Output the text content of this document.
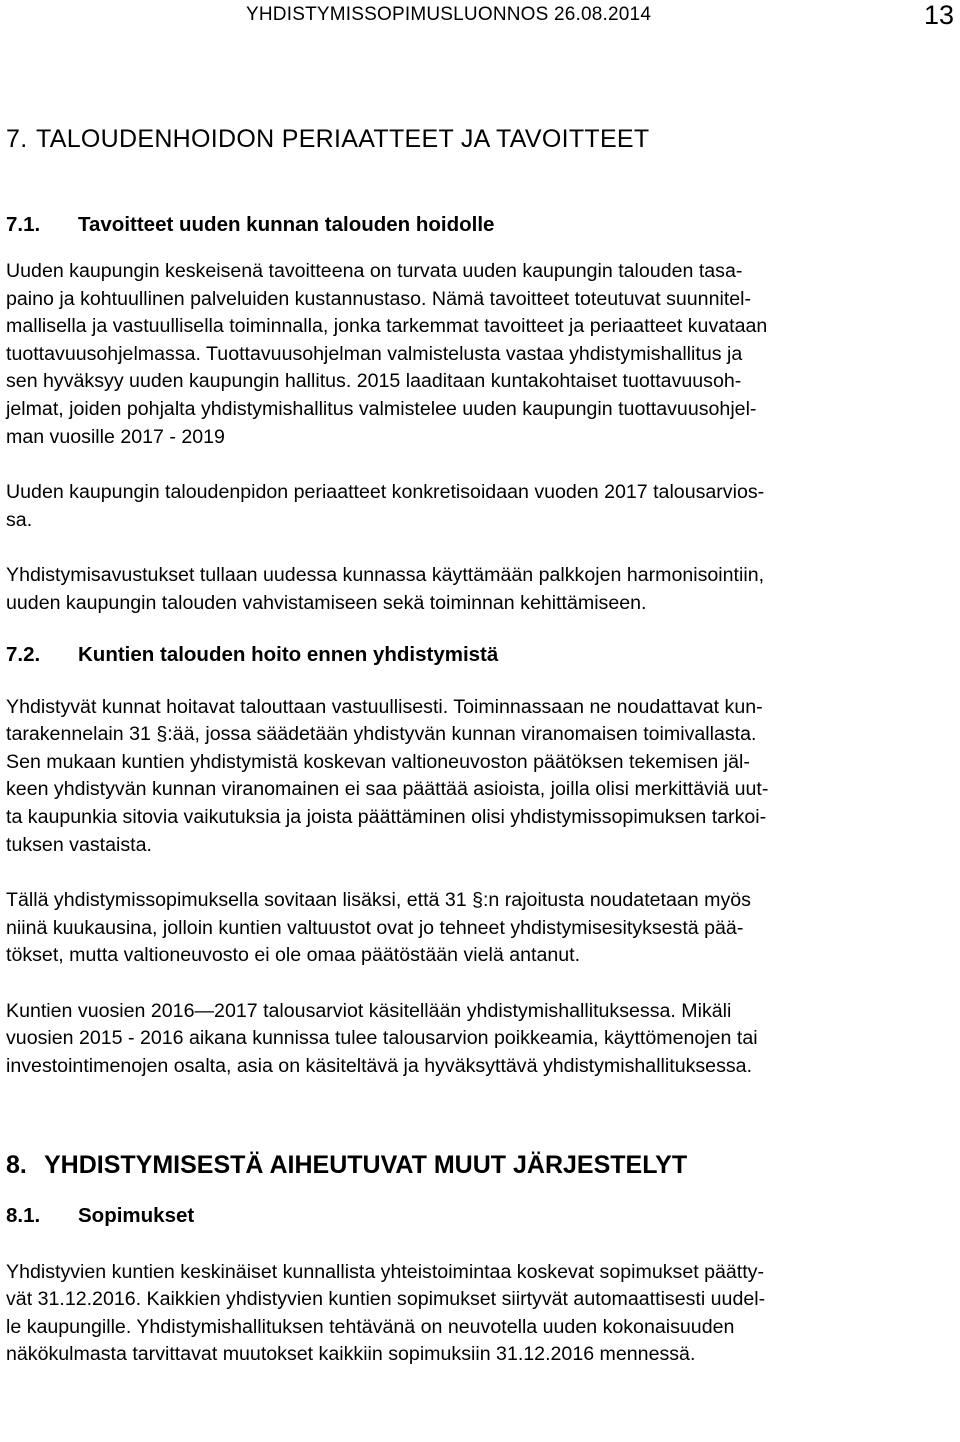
YHDISTYMISSOPIMUSLUONNOS 26.08.2014	13
7. TALOUDENHOIDON PERIAATTEET JA TAVOITTEET
7.1.	Tavoitteet uuden kunnan talouden hoidolle

Uuden kaupungin keskeisenä tavoitteena on turvata uuden kaupungin talouden tasa-

paino ja kohtuullinen palveluiden kustannustaso. Nämä tavoitteet toteutuvat suunnitel-

mallisella ja vastuullisella toiminnalla, jonka tarkemmat tavoitteet ja periaatteet kuvataan

tuottavuusohjelmassa. Tuottavuusohjelman valmistelusta vastaa yhdistymishallitus ja

sen hyväksyy uuden kaupungin hallitus. 2015 laaditaan kuntakohtaiset tuottavuusoh-

jelmat, joiden pohjalta yhdistymishallitus valmistelee uuden kaupungin tuottavuusohjel-

man vuosille 2017 - 2019

Uuden kaupungin taloudenpidon periaatteet konkretisoidaan vuoden 2017 talousarvios-

sa.

Yhdistymisavustukset tullaan uudessa kunnassa käyttämään palkkojen harmonisointiin,

uuden kaupungin talouden vahvistamiseen sekä toiminnan kehittämiseen.

7.2.	Kuntien talouden hoito ennen yhdistymistä

Yhdistyvät kunnat hoitavat talouttaan vastuullisesti. Toiminnassaan ne noudattavat kun-

tarakennelain 31 §:ää, jossa säädetään yhdistyvän kunnan viranomaisen toimivallasta.

Sen mukaan kuntien yhdistymistä koskevan valtioneuvoston päätöksen tekemisen jäl-

keen yhdistyvän kunnan viranomainen ei saa päättää asioista, joilla olisi merkittäviä uut-

ta kaupunkia sitovia vaikutuksia ja joista päättäminen olisi yhdistymissopimuksen tarkoi-

tuksen vastaista.

Tällä yhdistymissopimuksella sovitaan lisäksi, että 31 §:n rajoitusta noudatetaan myös

niinä kuukausina, jolloin kuntien valtuustot ovat jo tehneet yhdistymisesityksestä pää-

tökset, mutta valtioneuvosto ei ole omaa päätöstään vielä antanut.

Kuntien vuosien 2016—2017 talousarviot käsitellään yhdistymishallituksessa. Mikäli

vuosien 2015 - 2016 aikana kunnissa tulee talousarvion poikkeamia, käyttömenojen tai

investointimenojen osalta, asia on käsiteltävä ja hyväksyttävä yhdistymishallituksessa.

8. YHDISTYMISESTÄ AIHEUTUVAT MUUT JÄRJESTELYT
8.1.	Sopimukset

Yhdistyvien kuntien keskinäiset kunnallista yhteistoimintaa koskevat sopimukset päätty-

vät 31.12.2016. Kaikkien yhdistyvien kuntien sopimukset siirtyvät automaattisesti uudel-

le kaupungille. Yhdistymishallituksen tehtävänä on neuvotella uuden kokonaisuuden

näkökulmasta tarvittavat muutokset kaikkiin sopimuksiin 31.12.2016 mennessä.
